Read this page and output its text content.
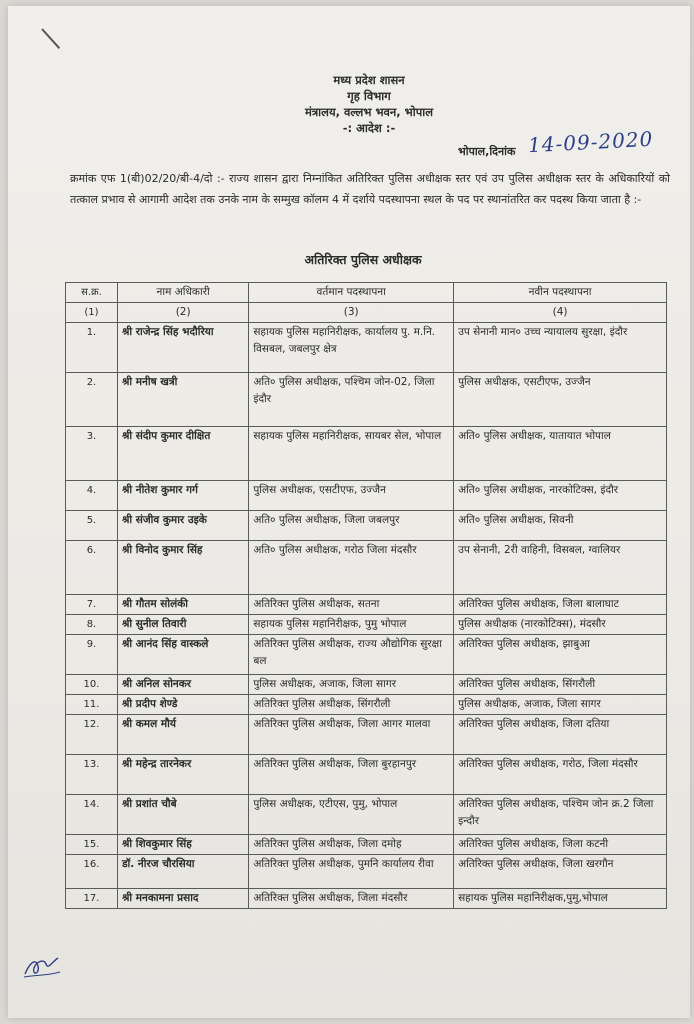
मध्य प्रदेश शासन
गृह विभाग
मंत्रालय, वल्लभ भवन, भोपाल
-: आदेश :-
भोपाल,दिनांक 14-09-2020
क्रमांक एफ 1(बी)02/20/बी-4/दो :- राज्य शासन द्वारा निम्नांकित अतिरिक्त पुलिस अधीक्षक स्तर एवं उप पुलिस अधीक्षक स्तर के अधिकारियों को तत्काल प्रभाव से आगामी आदेश तक उनके नाम के सम्मुख कॉलम 4 में दर्शाये पदस्थापना स्थल के पद पर स्थानांतरित कर पदस्थ किया जाता है :-
अतिरिक्त पुलिस अधीक्षक
स.क्र.	नाम अधिकारी	वर्तमान पदस्थापना	नवीन पदस्थापना
(1)	(2)	(3)	(4)
1.	श्री राजेन्द्र सिंह भदौरिया	सहायक पुलिस महानिरीक्षक, कार्यालय पु. म.नि. विसबल, जबलपुर क्षेत्र	उप सेनानी मान० उच्च न्यायालय सुरक्षा, इंदौर
2.	श्री मनीष खत्री	अति० पुलिस अधीक्षक, पश्चिम जोन-02, जिला इंदौर	पुलिस अधीक्षक, एसटीएफ, उज्जैन
3.	श्री संदीप कुमार दीक्षित	सहायक पुलिस महानिरीक्षक, सायबर सेल, भोपाल	अति० पुलिस अधीक्षक, यातायात भोपाल
4.	श्री नीतेश कुमार गर्ग	पुलिस अधीक्षक, एसटीएफ, उज्जैन	अति० पुलिस अधीक्षक, नारकोटिक्स, इंदौर
5.	श्री संजीव कुमार उइके	अति० पुलिस अधीक्षक, जिला जबलपुर	अति० पुलिस अधीक्षक, सिवनी
6.	श्री विनोद कुमार सिंह	अति० पुलिस अधीक्षक, गरोठ जिला मंदसौर	उप सेनानी, 2री वाहिनी, विसबल, ग्वालियर
7.	श्री गौतम सोलंकी	अतिरिक्त पुलिस अधीक्षक, सतना	अतिरिक्त पुलिस अधीक्षक, जिला बालाघाट
8.	श्री सुनील तिवारी	सहायक पुलिस महानिरीक्षक, पुमु भोपाल	पुलिस अधीक्षक (नारकोटिक्स), मंदसौर
9.	श्री आनंद सिंह वास्कले	अतिरिक्त पुलिस अधीक्षक, राज्य औद्योगिक सुरक्षा बल	अतिरिक्त पुलिस अधीक्षक, झाबुआ
10.	श्री अनिल सोनकर	पुलिस अधीक्षक, अजाक, जिला सागर	अतिरिक्त पुलिस अधीक्षक, सिंगरौली
11.	श्री प्रदीप शेण्डे	अतिरिक्त पुलिस अधीक्षक, सिंगरौली	पुलिस अधीक्षक, अजाक, जिला सागर
12.	श्री कमल मौर्य	अतिरिक्त पुलिस अधीक्षक, जिला आगर मालवा	अतिरिक्त पुलिस अधीक्षक, जिला दतिया
13.	श्री महेन्द्र तारनेकर	अतिरिक्त पुलिस अधीक्षक, जिला बुरहानपुर	अतिरिक्त पुलिस अधीक्षक, गरोठ, जिला मंदसौर
14.	श्री प्रशांत चौबे	पुलिस अधीक्षक, एटीएस, पुमु, भोपाल	अतिरिक्त पुलिस अधीक्षक, पश्चिम जोन क्र.2 जिला इन्दौर
15.	श्री शिवकुमार सिंह	अतिरिक्त पुलिस अधीक्षक, जिला दमोह	अतिरिक्त पुलिस अधीक्षक, जिला कटनी
16.	डॉ. नीरज चौरसिया	अतिरिक्त पुलिस अधीक्षक, पुमनि कार्यालय रीवा	अतिरिक्त पुलिस अधीक्षक, जिला खरगौन
17.	श्री मनकामना प्रसाद	अतिरिक्त पुलिस अधीक्षक, जिला मंदसौर	सहायक पुलिस महानिरीक्षक,पुमु,भोपाल
